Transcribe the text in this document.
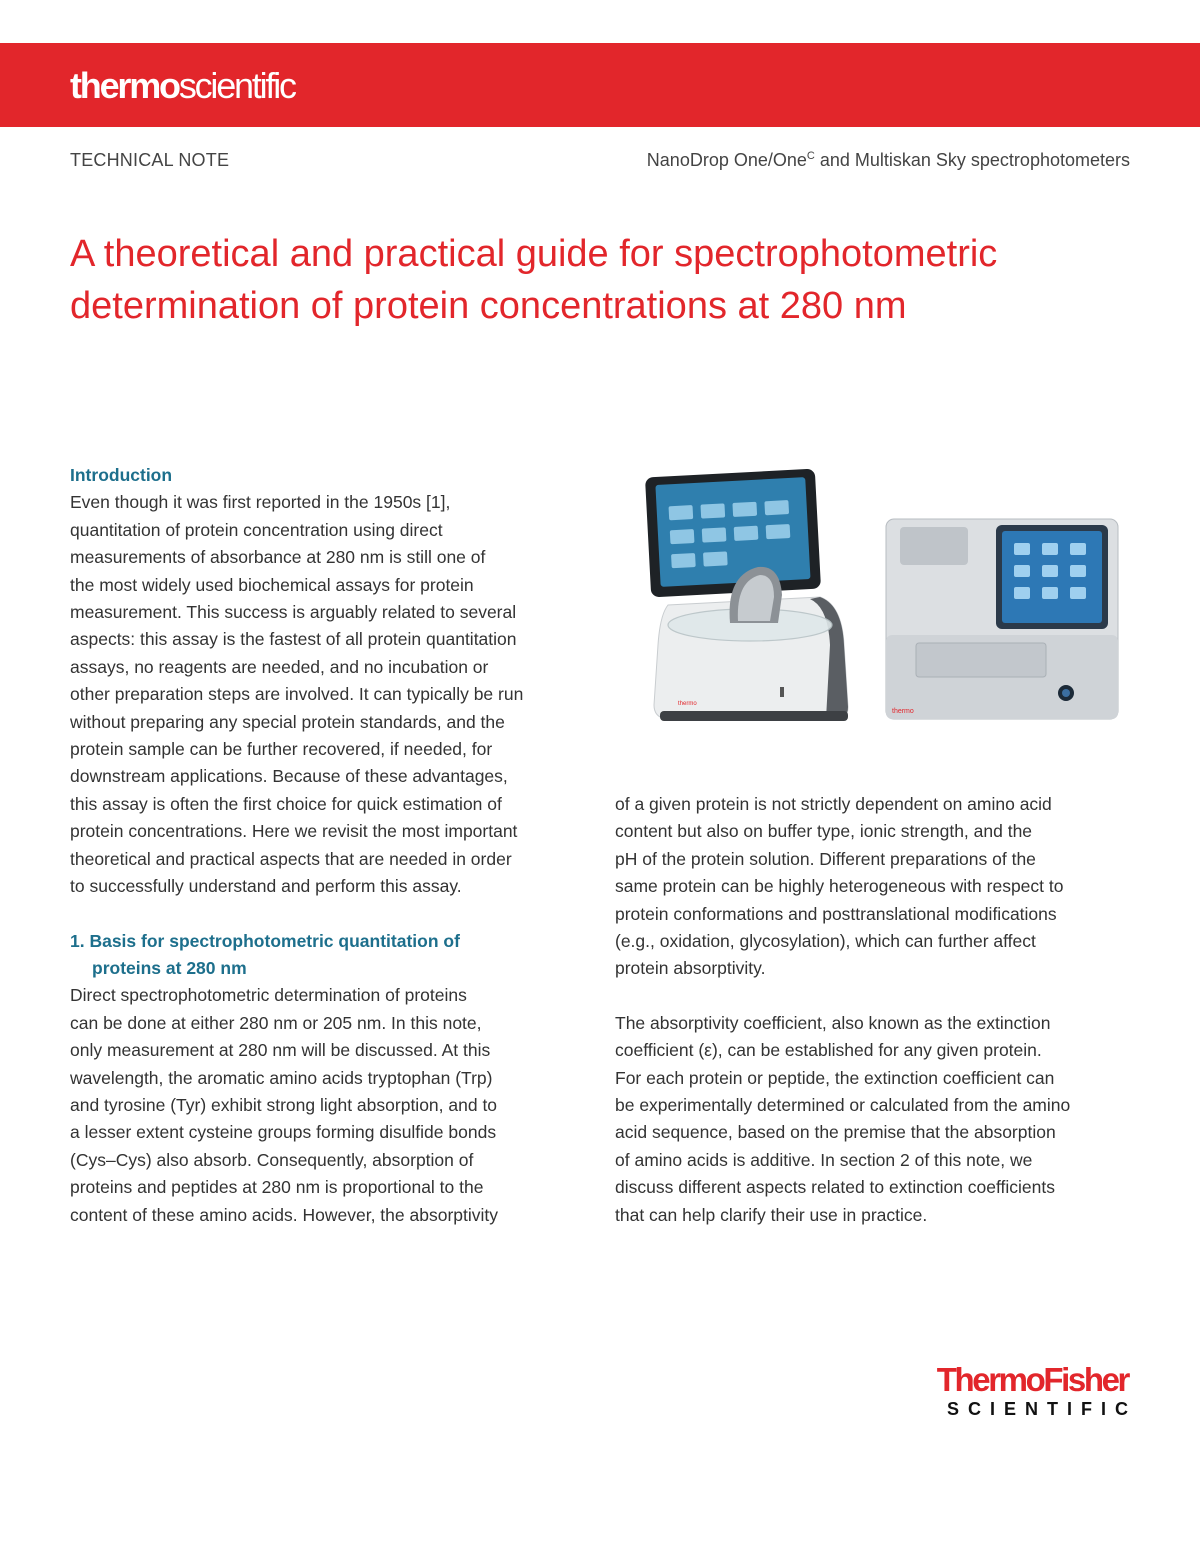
thermoscientific
TECHNICAL NOTE	NanoDrop One/One$^C$ and Multiskan Sky spectrophotometers
A theoretical and practical guide for spectrophotometric
determination of protein concentrations at 280 nm

Introduction

Even though it was first reported in the 1950s [1],

quantitation of protein concentration using direct

measurements of absorbance at 280 nm is still one of

the most widely used biochemical assays for protein

measurement. This success is arguably related to several

aspects: this assay is the fastest of all protein quantitation

assays, no reagents are needed, and no incubation or

other preparation steps are involved. It can typically be run

without preparing any special protein standards, and the

protein sample can be further recovered, if needed, for

downstream applications. Because of these advantages,

this assay is often the first choice for quick estimation of

protein concentrations. Here we revisit the most important

theoretical and practical aspects that are needed in order

to successfully understand and perform this assay.

1. Basis for spectrophotometric quantitation of
proteins at 280 nm

Direct spectrophotometric determination of proteins

can be done at either 280 nm or 205 nm. In this note,

only measurement at 280 nm will be discussed. At this

wavelength, the aromatic amino acids tryptophan (Trp)

and tyrosine (Tyr) exhibit strong light absorption, and to

a lesser extent cysteine groups forming disulfide bonds

(Cys–Cys) also absorb. Consequently, absorption of

proteins and peptides at 280 nm is proportional to the

content of these amino acids. However, the absorptivity

thermo
thermo

of a given protein is not strictly dependent on amino acid

content but also on buffer type, ionic strength, and the

pH of the protein solution. Different preparations of the

same protein can be highly heterogeneous with respect to

protein conformations and posttranslational modifications

(e.g., oxidation, glycosylation), which can further affect

protein absorptivity.

The absorptivity coefficient, also known as the extinction

coefficient (ε), can be established for any given protein.

For each protein or peptide, the extinction coefficient can

be experimentally determined or calculated from the amino

acid sequence, based on the premise that the absorption

of amino acids is additive. In section 2 of this note, we

discuss different aspects related to extinction coefficients

that can help clarify their use in practice.

ThermoFisher
SCIENTIFIC
